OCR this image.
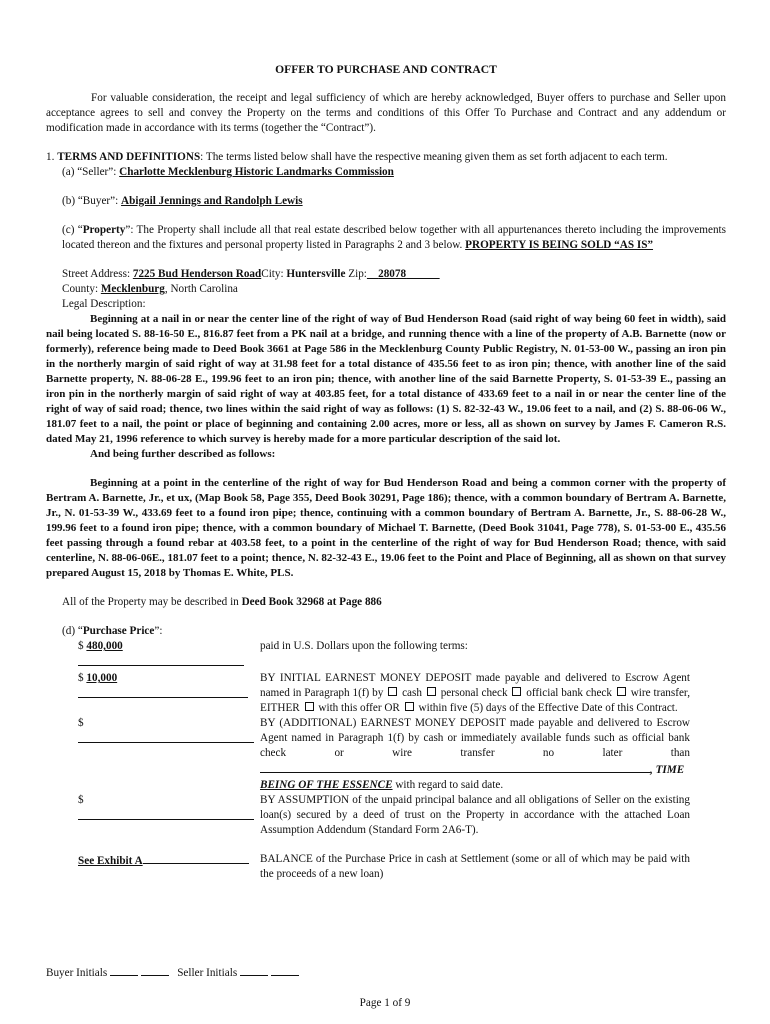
OFFER TO PURCHASE AND CONTRACT
For valuable consideration, the receipt and legal sufficiency of which are hereby acknowledged, Buyer offers to purchase and Seller upon acceptance agrees to sell and convey the Property on the terms and conditions of this Offer To Purchase and Contract and any addendum or modification made in accordance with its terms (together the “Contract”).
1. TERMS AND DEFINITIONS: The terms listed below shall have the respective meaning given them as set forth adjacent to each term.
(a) “Seller”: Charlotte Mecklenburg Historic Landmarks Commission
(b) “Buyer”: Abigail Jennings and Randolph Lewis
(c) “Property”: The Property shall include all that real estate described below together with all appurtenances thereto including the improvements located thereon and the fixtures and personal property listed in Paragraphs 2 and 3 below. PROPERTY IS BEING SOLD “AS IS”
Street Address: 7225 Bud Henderson RoadCity: Huntersville Zip: 28078
County: Mecklenburg, North Carolina
Legal Description:
Beginning at a nail in or near the center line of the right of way of Bud Henderson Road (said right of way being 60 feet in width), said nail being located S. 88-16-50 E., 816.87 feet from a PK nail at a bridge, and running thence with a line of the property of A.B. Barnette (now or formerly), reference being made to Deed Book 3661 at Page 586 in the Mecklenburg County Public Registry, N. 01-53-00 W., passing an iron pin in the northerly margin of said right of way at 31.98 feet for a total distance of 435.56 feet to as iron pin; thence, with another line of the said Barnette property, N. 88-06-28 E., 199.96 feet to an iron pin; thence, with another line of the said Barnette Property, S. 01-53-39 E., passing an iron pin in the northerly margin of said right of way at 403.85 feet, for a total distance of 433.69 feet to a nail in or near the center line of the right of way of said road; thence, two lines within the said right of way as follows: (1) S. 82-32-43 W., 19.06 feet to a nail, and (2) S. 88-06-06 W., 181.07 feet to a nail, the point or place of beginning and containing 2.00 acres, more or less, all as shown on survey by James F. Cameron R.S. dated May 21, 1996 reference to which survey is hereby made for a more particular description of the said lot.
And being further described as follows:
Beginning at a point in the centerline of the right of way for Bud Henderson Road and being a common corner with the property of Bertram A. Barnette, Jr., et ux, (Map Book 58, Page 355, Deed Book 30291, Page 186); thence, with a common boundary of Bertram A. Barnette, Jr., N. 01-53-39 W., 433.69 feet to a found iron pipe; thence, continuing with a common boundary of Bertram A. Barnette, Jr., S. 88-06-28 W., 199.96 feet to a found iron pipe; thence, with a common boundary of Michael T. Barnette, (Deed Book 31041, Page 778), S. 01-53-00 E., 435.56 feet passing through a found rebar at 403.58 feet, to a point in the centerline of the right of way for Bud Henderson Road; thence, with said centerline, N. 88-06-06E., 181.07 feet to a point; thence, N. 82-32-43 E., 19.06 feet to the Point and Place of Beginning, all as shown on that survey prepared August 15, 2018 by Thomas E. White, PLS.
All of the Property may be described in Deed Book 32968 at Page 886
(d) “Purchase Price”:
$ 480,000	paid in U.S. Dollars upon the following terms:
$ 10,000	BY INITIAL EARNEST MONEY DEPOSIT made payable and delivered to Escrow Agent named in Paragraph 1(f) by  cash  personal check  official bank check  wire transfer, EITHER  with this offer OR  within five (5) days of the Effective Date of this Contract.
$	BY (ADDITIONAL) EARNEST MONEY DEPOSIT made payable and delivered to Escrow Agent named in Paragraph 1(f) by cash or immediately available funds such as official bank check or wire transfer no later than
, TIME
BEING OF THE ESSENCE with regard to said date.
$	BY ASSUMPTION of the unpaid principal balance and all obligations of Seller on the existing loan(s) secured by a deed of trust on the Property in accordance with the attached Loan Assumption Addendum (Standard Form 2A6-T).
See Exhibit A	BALANCE of the Purchase Price in cash at Settlement (some or all of which may be paid with the proceeds of a new loan)
Buyer Initials	Seller Initials
Page 1 of 9
